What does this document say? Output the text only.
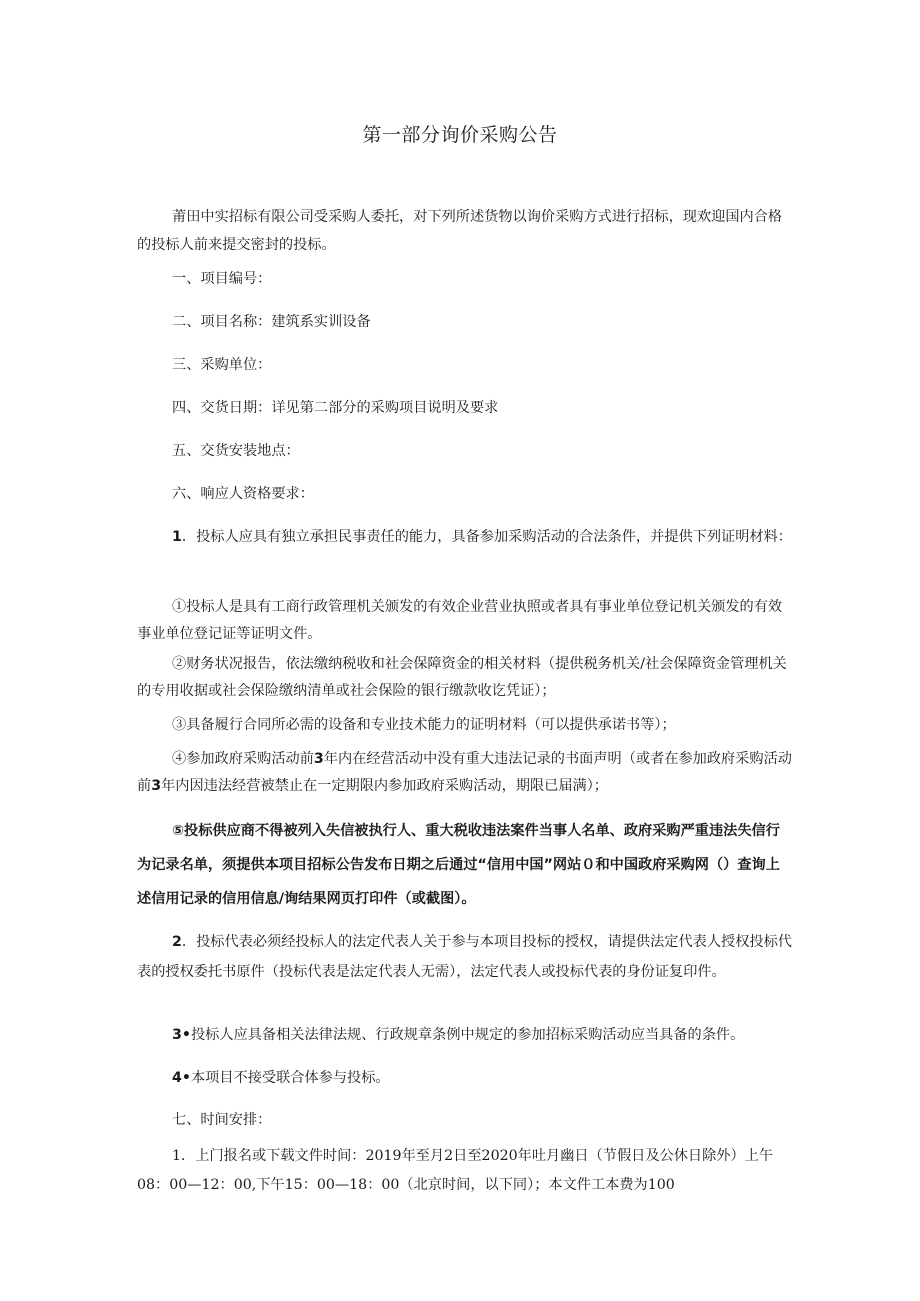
第一部分询价采购公告

莆田中实招标有限公司受采购人委托，对下列所述货物以询价采购方式进行招标，现欢迎国内合格的投标人前来提交密封的投标。

一、项目编号：

二、项目名称：建筑系实训设备

三、采购单位：

四、交货日期：详见第二部分的采购项目说明及要求

五、交货安装地点：

六、响应人资格要求：

1．投标人应具有独立承担民事责任的能力，具备参加采购活动的合法条件，并提供下列证明材料：

①投标人是具有工商行政管理机关颁发的有效企业营业执照或者具有事业单位登记机关颁发的有效事业单位登记证等证明文件。

②财务状况报告，依法缴纳税收和社会保障资金的相关材料（提供税务机关/社会保障资金管理机关的专用收据或社会保险缴纳清单或社会保险的银行缴款收讫凭证）；

③具备履行合同所必需的设备和专业技术能力的证明材料（可以提供承诺书等）；

④参加政府采购活动前3年内在经营活动中没有重大违法记录的书面声明（或者在参加政府采购活动前3年内因违法经营被禁止在一定期限内参加政府采购活动，期限已届满）；

⑤投标供应商不得被列入失信被执行人、重大税收违法案件当事人名单、政府采购严重违法失信行为记录名单，须提供本项目招标公告发布日期之后通过“信用中国”网站０和中国政府采购网（）查询上述信用记录的信用信息/询结果网页打印件（或截图）。

2．投标代表必须经投标人的法定代表人关于参与本项目投标的授权，请提供法定代表人授权投标代表的授权委托书原件（投标代表是法定代表人无需），法定代表人或投标代表的身份证复印件。

3•投标人应具备相关法律法规、行政规章条例中规定的参加招标采购活动应当具备的条件。

4•本项目不接受联合体参与投标。

七、时间安排：

1．上门报名或下载文件时间：2019年至月2日至2020年吐月幽日（节假日及公休日除外）上午08：00—12：00,下午15：00—18：00（北京时间，以下同）；本文件工本费为100
